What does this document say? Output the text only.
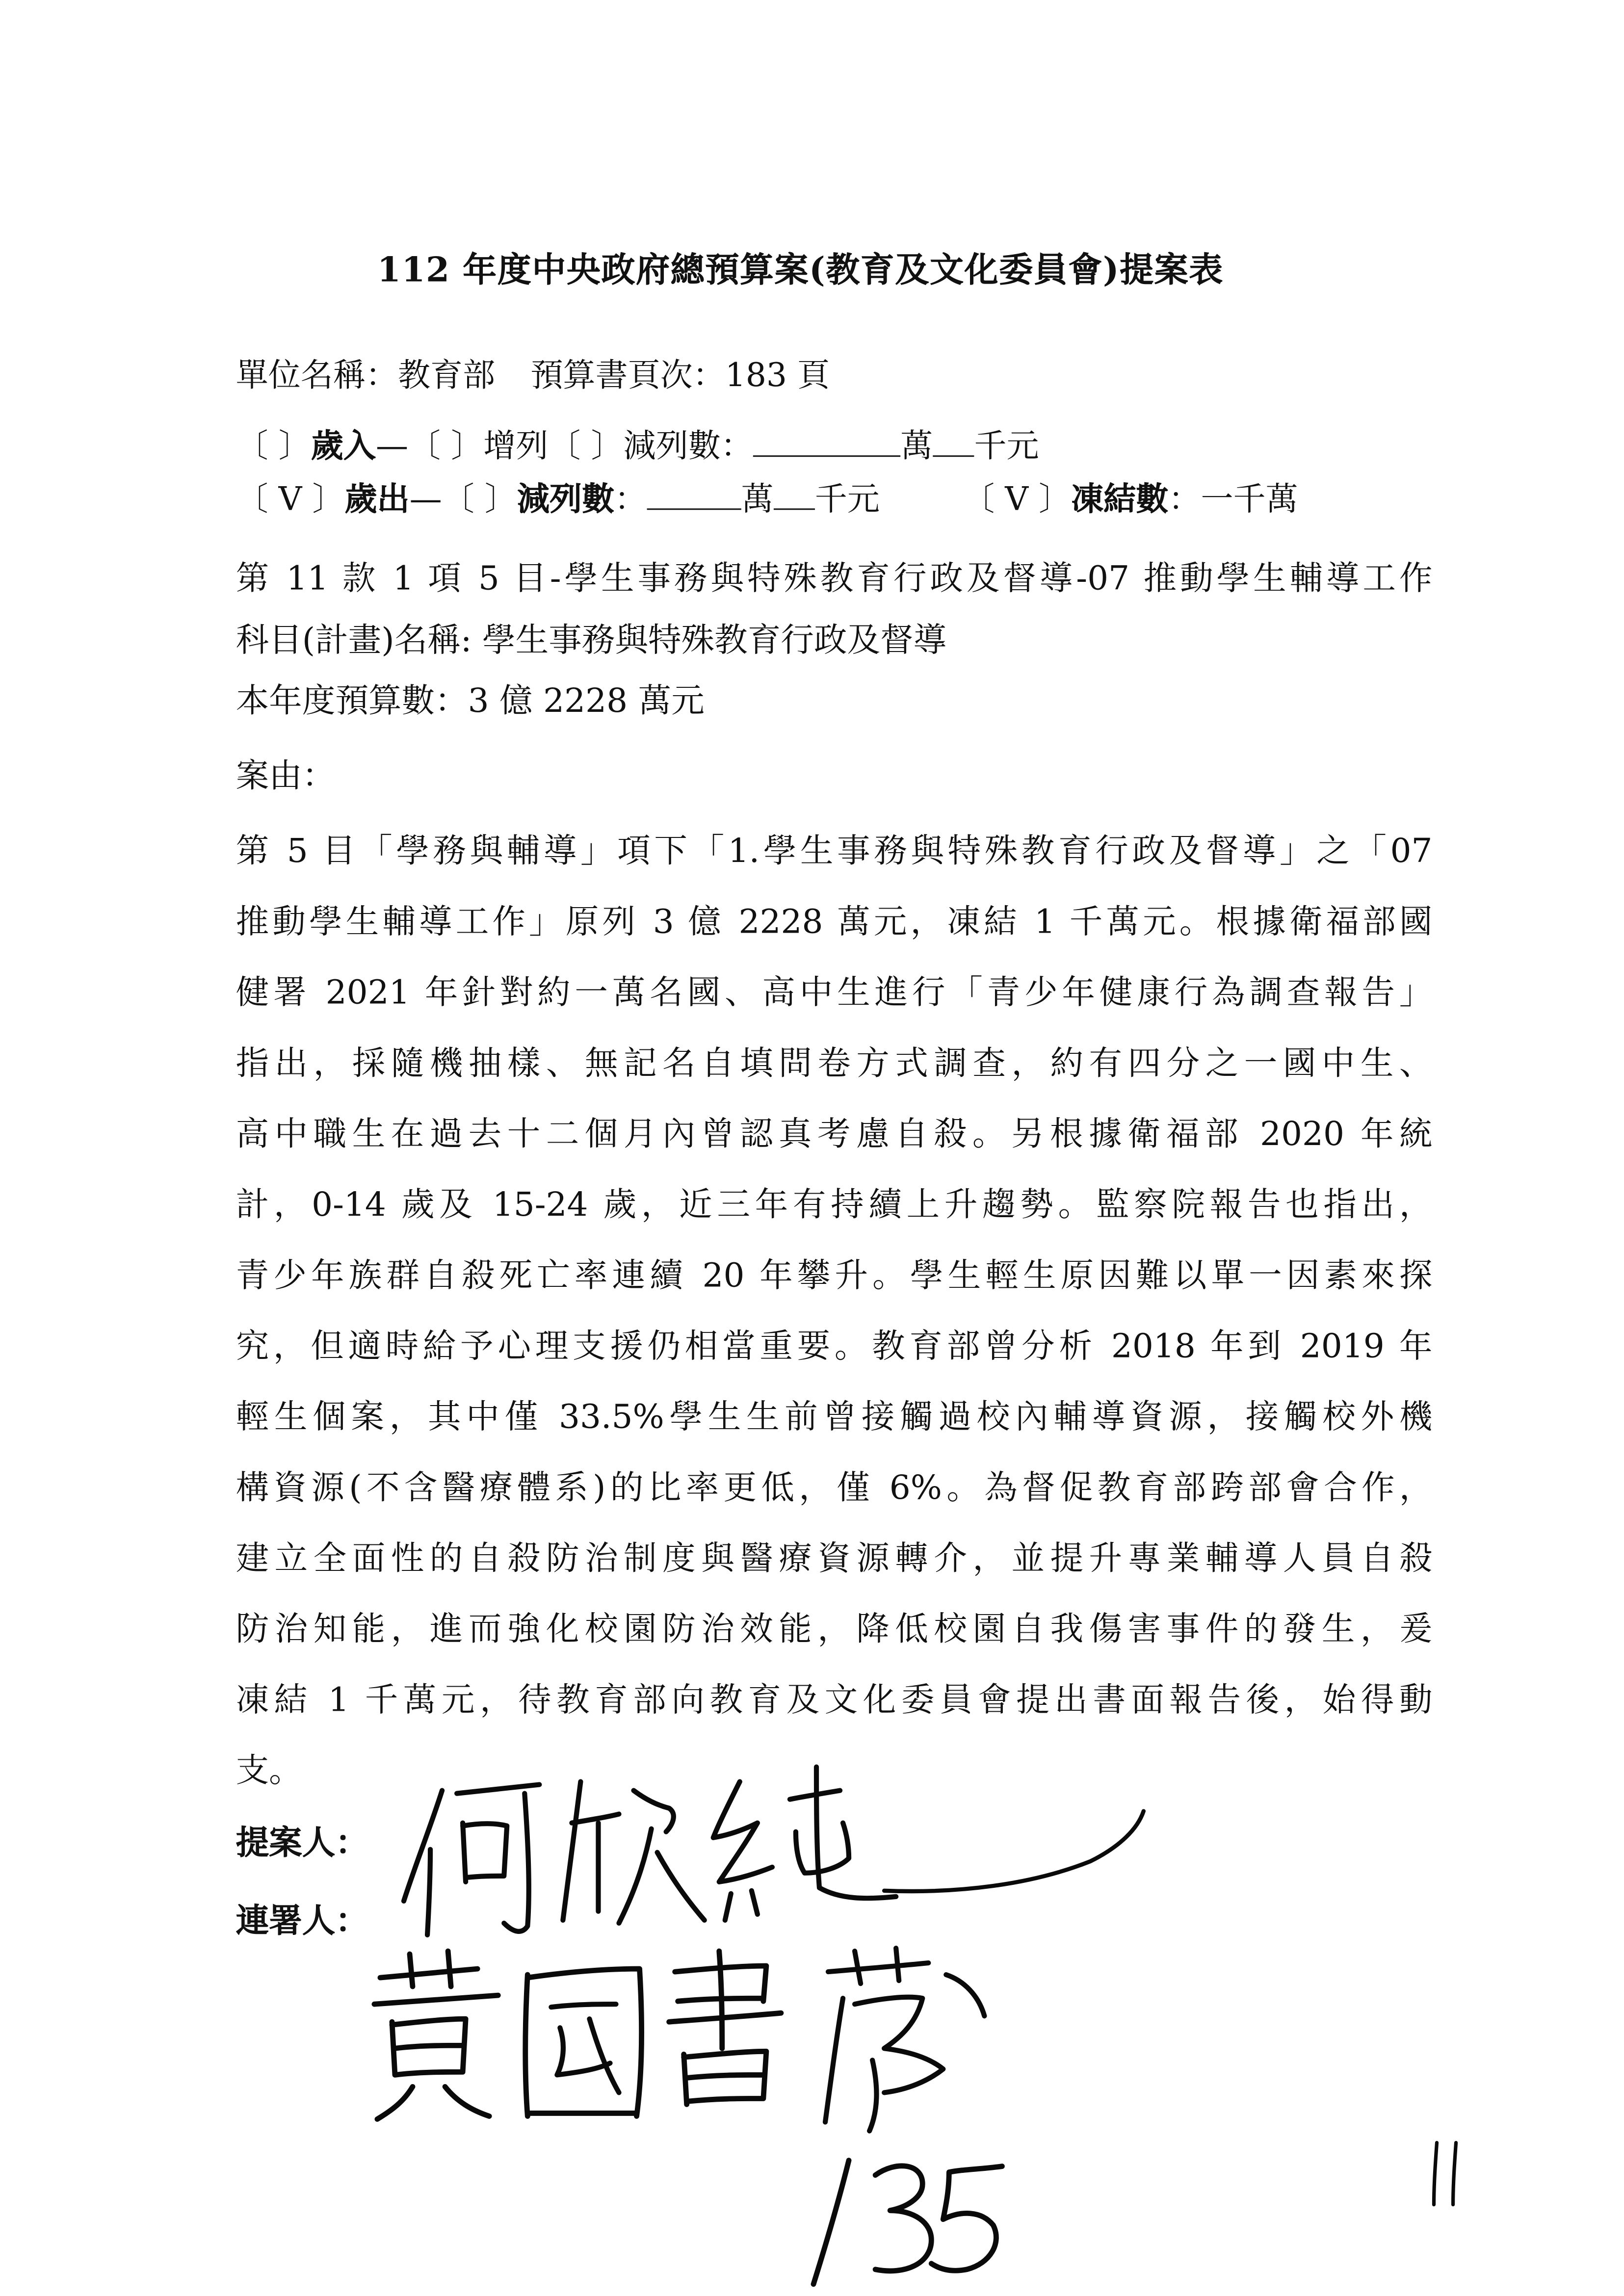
112 年度中央政府總預算案(教育及文化委員會)提案表
單位名稱：教育部	預算書頁次：183 頁
〔 〕歲入—〔 〕增列〔 〕減列數：	萬	千元
〔 V 〕歲出—〔 〕減列數：	萬	千元	〔 V 〕凍結數：一千萬
第 11 款 1 項 5 目-學生事務與特殊教育行政及督導-07 推動學生輔導工作
科目(計畫)名稱: 學生事務與特殊教育行政及督導
本年度預算數：3 億 2228 萬元
案由：
第 5 目「學務與輔導」項下「1.學生事務與特殊教育行政及督導」之「07
推動學生輔導工作」原列 3 億 2228 萬元，凍結 1 千萬元。根據衛福部國
健署 2021 年針對約一萬名國、高中生進行「青少年健康行為調查報告」
指出，採隨機抽樣、無記名自填問卷方式調查，約有四分之一國中生、
高中職生在過去十二個月內曾認真考慮自殺。另根據衛福部 2020 年統
計，0-14 歲及 15-24 歲，近三年有持續上升趨勢。監察院報告也指出，
青少年族群自殺死亡率連續 20 年攀升。學生輕生原因難以單一因素來探
究，但適時給予心理支援仍相當重要。教育部曾分析 2018 年到 2019 年
輕生個案，其中僅 33.5%學生生前曾接觸過校內輔導資源，接觸校外機
構資源(不含醫療體系)的比率更低，僅 6%。為督促教育部跨部會合作，
建立全面性的自殺防治制度與醫療資源轉介，並提升專業輔導人員自殺
防治知能，進而強化校園防治效能，降低校園自我傷害事件的發生，爰
凍結 1 千萬元，待教育部向教育及文化委員會提出書面報告後，始得動
支。
提案人：
連署人：
